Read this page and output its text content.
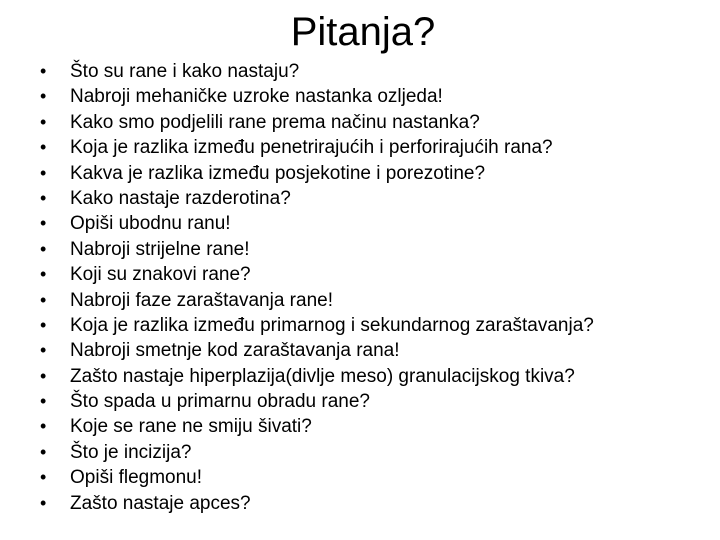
Pitanja?
•	Što su rane i kako nastaju?
•	Nabroji mehaničke uzroke nastanka ozljeda!
•	Kako smo podjelili rane prema načinu nastanka?
•	Koja je razlika između penetrirajućih i perforirajućih rana?
•	Kakva je razlika između posjekotine i porezotine?
•	Kako nastaje razderotina?
•	Opiši ubodnu ranu!
•	Nabroji strijelne rane!
•	Koji su znakovi rane?
•	Nabroji faze zaraštavanja rane!
•	Koja je razlika između primarnog i sekundarnog zaraštavanja?
•	Nabroji smetnje kod zaraštavanja rana!
•	Zašto nastaje hiperplazija(divlje meso) granulacijskog tkiva?
•	Što spada u primarnu obradu rane?
•	Koje se rane ne smiju šivati?
•	Što je incizija?
•	Opiši flegmonu!
•	Zašto nastaje apces?
